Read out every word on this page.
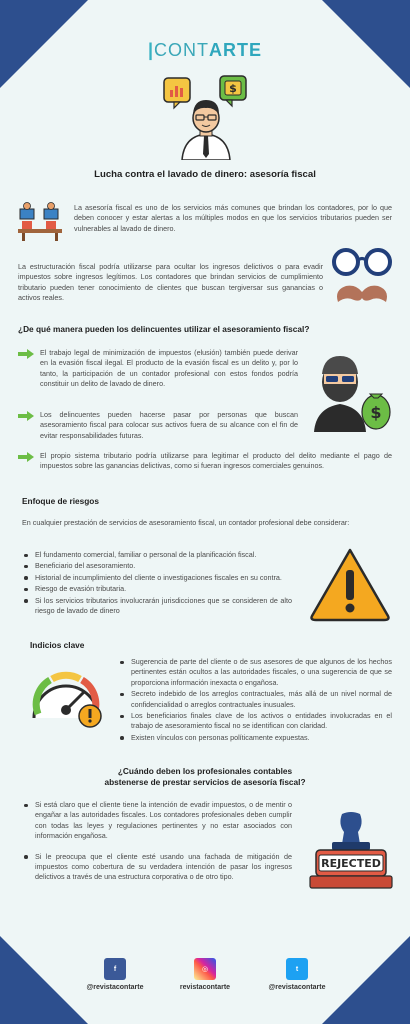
|CONTARTE
$
Lucha contra el lavado de dinero: asesoría fiscal
La asesoría fiscal es uno de los servicios más comunes que brindan los contadores, por lo que deben conocer y estar alertas a los múltiples modos en que los servicios tributarios pueden ser vulnerables al lavado de dinero.
La estructuración fiscal podría utilizarse para ocultar los ingresos delictivos o para evadir impuestos sobre ingresos legítimos. Los contadores que brindan servicios de cumplimiento tributario pueden tener conocimiento de clientes que buscan tergiversar sus ganancias o activos reales.
¿De qué manera pueden los delincuentes utilizar el asesoramiento fiscal?
El trabajo legal de minimización de impuestos (elusión) también puede derivar en la evasión fiscal ilegal. El producto de la evasión fiscal es un delito y, por lo tanto, la participación de un contador profesional con estos fondos podría constituir un delito de lavado de dinero.
Los delincuentes pueden hacerse pasar por personas que buscan asesoramiento fiscal para colocar sus activos fuera de su alcance con el fin de evitar responsabilidades futuras.
El propio sistema tributario podría utilizarse para legitimar el producto del delito mediante el pago de impuestos sobre las ganancias delictivas, como si fueran ingresos comerciales genuinos.
$
Enfoque de riesgos
En cualquier prestación de servicios de asesoramiento fiscal, un contador profesional debe considerar:
El fundamento comercial, familiar o personal de la planificación fiscal.
Beneficiario del asesoramiento.
Historial de incumplimiento del cliente o investigaciones fiscales en su contra.
Riesgo de evasión tributaria.
Si los servicios tributarios involucrarán jurisdicciones que se consideren de alto riesgo de lavado de dinero
Indicios clave
Sugerencia de parte del cliente o de sus asesores de que algunos de los hechos pertinentes están ocultos a las autoridades fiscales, o una sugerencia de que se proporciona información inexacta o engañosa.
Secreto indebido de los arreglos contractuales, más allá de un nivel normal de confidencialidad o arreglos contractuales inusuales.
Los beneficiarios finales clave de los activos o entidades involucradas en el trabajo de asesoramiento fiscal no se identifican con claridad.
Existen vínculos con personas políticamente expuestas.
¿Cuándo deben los profesionales contables
abstenerse de prestar servicios de asesoría fiscal?
Si está claro que el cliente tiene la intención de evadir impuestos, o de mentir o engañar a las autoridades fiscales. Los contadores profesionales deben cumplir con todas las leyes y regulaciones pertinentes y no estar asociados con información engañosa.
Si le preocupa que el cliente esté usando una fachada de mitigación de impuestos como cobertura de su verdadera intención de pasar los ingresos delictivos a través de una estructura corporativa o de otro tipo.
REJECTED
f
@revistacontarte
◎
revistacontarte
t
@revistacontarte
